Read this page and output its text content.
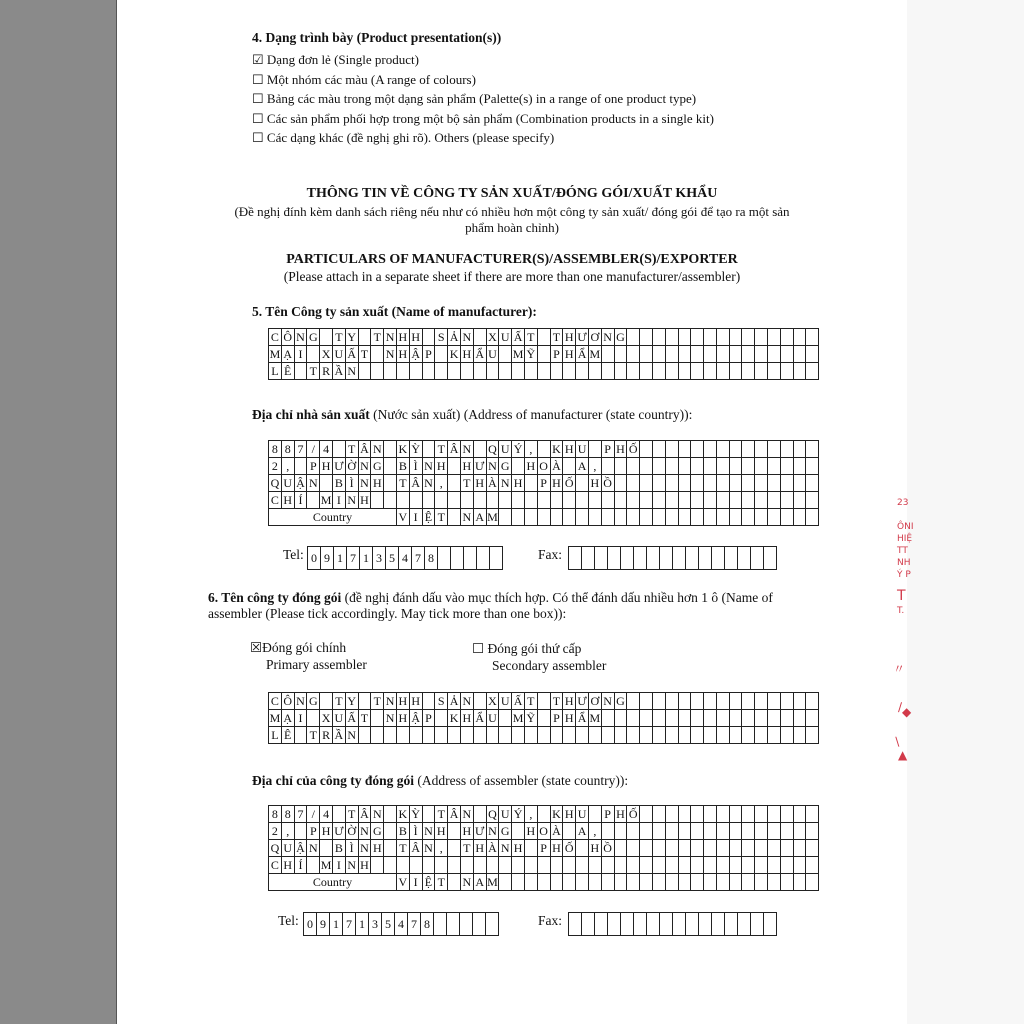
4. Dạng trình bày (Product presentation(s))
☑ Dạng đơn lẻ (Single product)
☐ Một nhóm các màu (A range of colours)
☐ Bảng các màu trong một dạng sản phẩm (Palette(s) in a range of one product type)
☐ Các sản phẩm phối hợp trong một bộ sản phẩm (Combination products in a single kit)
☐ Các dạng khác (đề nghị ghi rõ). Others (please specify)
THÔNG TIN VỀ CÔNG TY SẢN XUẤT/ĐÓNG GÓI/XUẤT KHẨU
(Đề nghị đính kèm danh sách riêng nếu như có nhiều hơn một công ty sản xuất/ đóng gói để tạo ra một sản
phẩm hoàn chỉnh)
PARTICULARS OF MANUFACTURER(S)/ASSEMBLER(S)/EXPORTER
(Please attach in a separate sheet if there are more than one manufacturer/assembler)
5. Tên Công ty sản xuất (Name of manufacturer):
C	Ô	N	G		T	Y		T	N	H	H		S	Ả	N		X	U	Ấ	T		T	H	Ư	Ơ	N	G															
M	Ạ	I		X	U	Ấ	T		N	H	Ậ	P		K	H	Ẩ	U		M	Ỹ		P	H	Ẩ	M																	
L	Ê		T	R	Ầ	N																																				
Địa chỉ nhà sản xuất (Nước sản xuất) (Address of manufacturer (state country)):
8	8	7	/	4		T	Â	N		K	Ỳ		T	Â	N		Q	U	Ý	,		K	H	U		P	H	Ố														
2	,		P	H	Ư	Ờ	N	G		B	Ì	N	H		H	Ư	N	G		H	O	À		A	,																	
Q	U	Ậ	N		B	Ì	N	H		T	Â	N	,		T	H	À	N	H		P	H	Ố		H	Ồ																
C	H	Í		M	I	N	H																																			
Country										V	I	Ệ	T		N	A	M																									
Tel: 0	9	1	7	1	3	5	4	7	8						Fax:

6. Tên công ty đóng gói (đề nghị đánh dấu vào mục thích hợp. Có thể đánh dấu nhiều hơn 1 ô (Name of
assembler (Please tick accordingly. May tick more than one box)):
☒Đóng gói chính
Primary assembler
☐ Đóng gói thứ cấp
Secondary assembler
C	Ô	N	G		T	Y		T	N	H	H		S	Ả	N		X	U	Ấ	T		T	H	Ư	Ơ	N	G															
M	Ạ	I		X	U	Ấ	T		N	H	Ậ	P		K	H	Ẩ	U		M	Ỹ		P	H	Ẩ	M																	
L	Ê		T	R	Ầ	N																																				
Địa chỉ của công ty đóng gói (Address of assembler (state country)):
8	8	7	/	4		T	Â	N		K	Ỳ		T	Â	N		Q	U	Ý	,		K	H	U		P	H	Ố														
2	,		P	H	Ư	Ờ	N	G		B	Ì	N	H		H	Ư	N	G		H	O	À		A	,																	
Q	U	Ậ	N		B	Ì	N	H		T	Â	N	,		T	H	À	N	H		P	H	Ố		H	Ồ																
C	H	Í		M	I	N	H																																			
Country										V	I	Ệ	T		N	A	M																									
Tel: 0	9	1	7	1	3	5	4	7	8						Fax:

23
ÔNI
HIỆ
TT
NH
Ý P
T
T.
〃
∕ ◆
∖
▲
